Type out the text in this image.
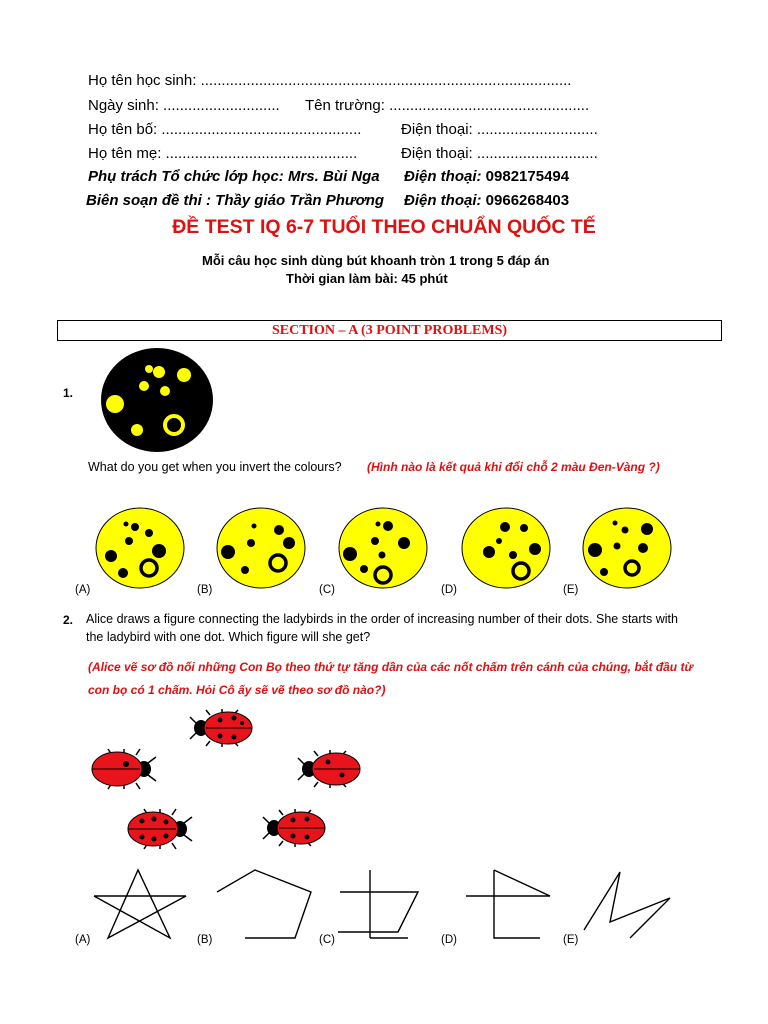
Họ tên học sinh: .........................................................................................
Ngày sinh: ............................ Tên trường: ................................................
Họ tên bố: ................................................	Điện thoại: .............................
Họ tên mẹ: ..............................................	Điện thoại: .............................
Phụ trách Tổ chức lớp học: Mrs. Bùi Nga Điện thoại: 0982175494
Biên soạn đề thi : Thầy giáo Trần Phương Điện thoại: 0966268403
ĐỀ TEST IQ 6-7 TUỔI THEO CHUẨN QUỐC TẾ
Mỗi câu học sinh dùng bút khoanh tròn 1 trong 5 đáp án
Thời gian làm bài: 45 phút
SECTION – A (3 POINT PROBLEMS)
1.
What do you get when you invert the colours? (Hình nào là kết quả khi đổi chỗ 2 màu Đen-Vàng ?)
(A)	(B)	(C)	(D)	(E)
2. Alice draws a figure connecting the ladybirds in the order of increasing number of their dots. She starts with
the ladybird with one dot. Which figure will she get?
(Alice vẽ sơ đồ nối những Con Bọ theo thứ tự tăng dần của các nốt chấm trên cánh của chúng, bắt đầu từ
con bọ có 1 chấm. Hỏi Cô ấy sẽ vẽ theo sơ đồ nào?)
(A)	(B)	(C)	(D)	(E)
